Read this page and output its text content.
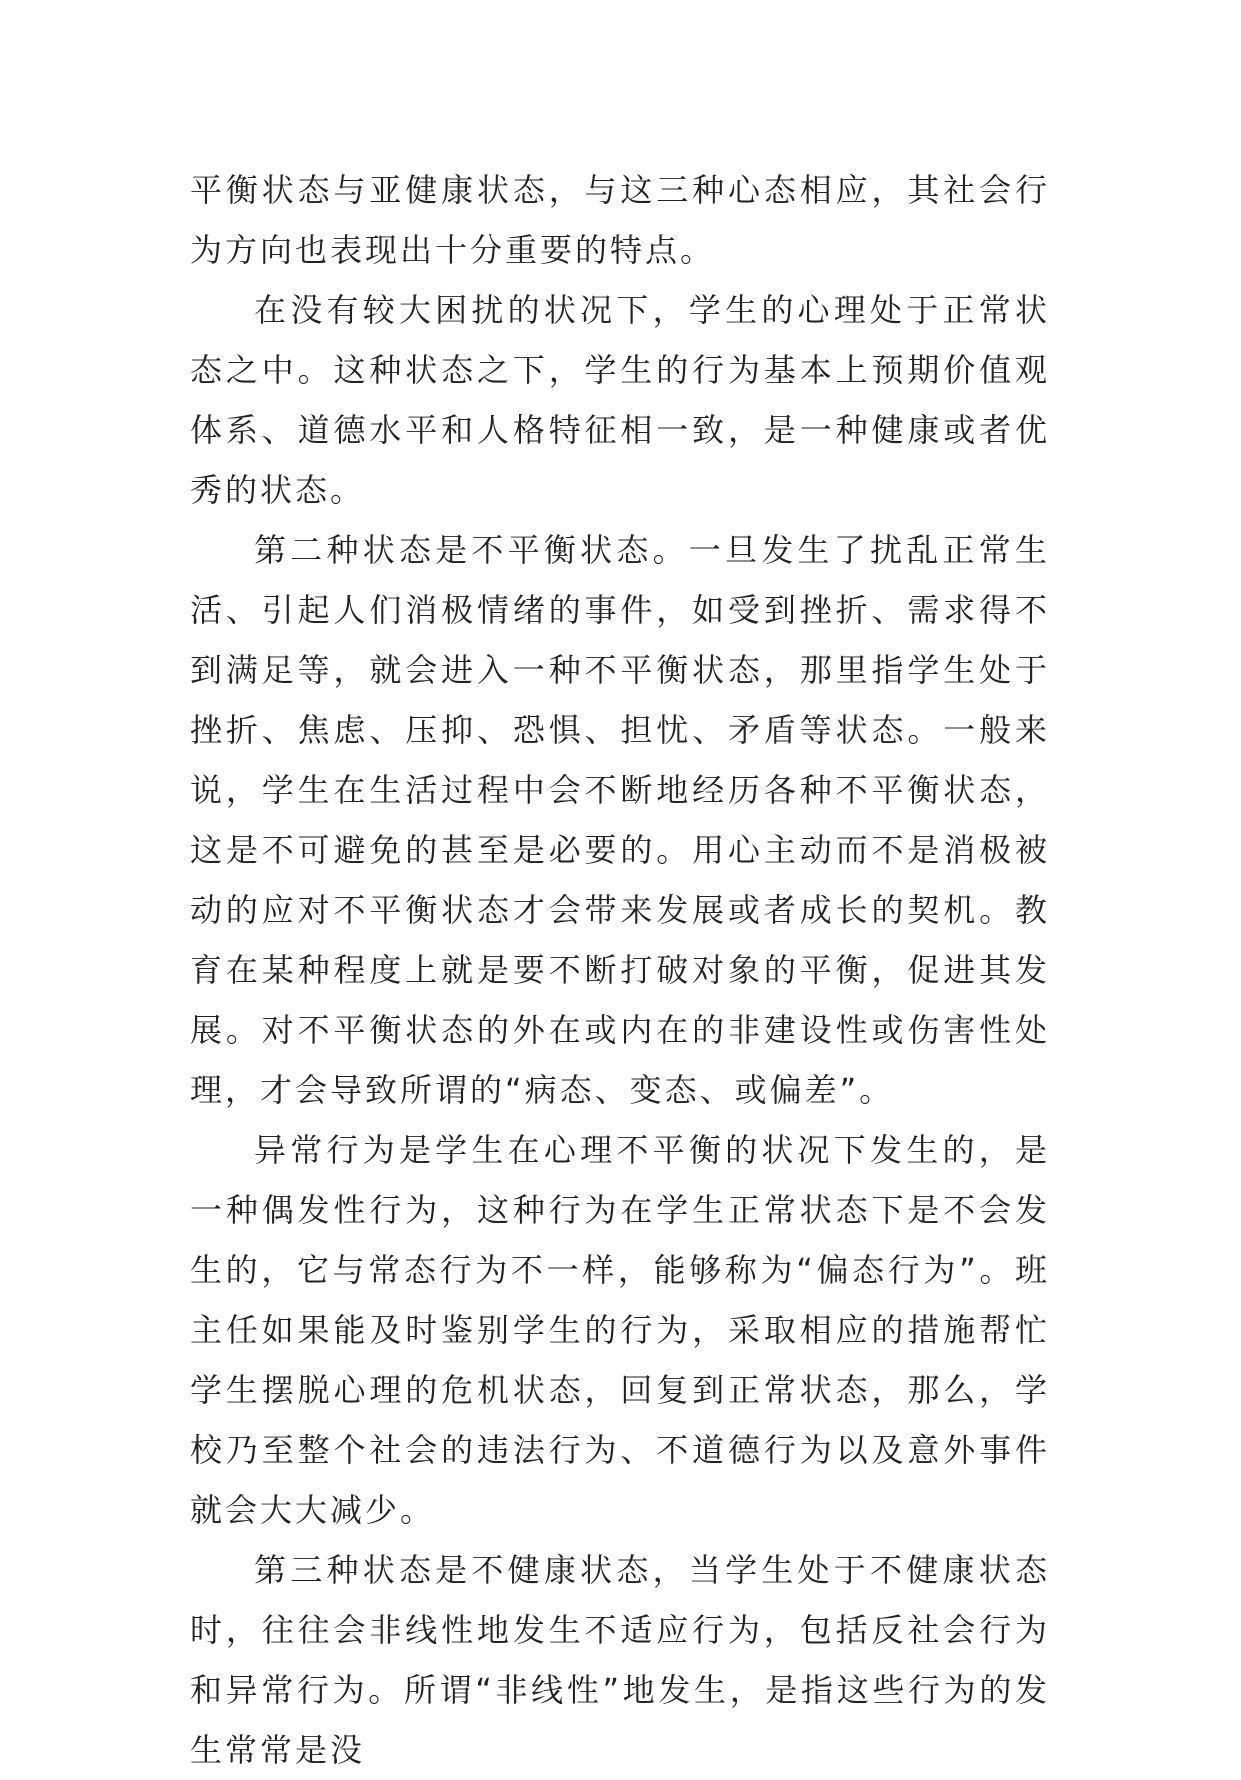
平衡状态与亚健康状态，与这三种心态相应，其社会行为方向也表现出十分重要的特点。

在没有较大困扰的状况下，学生的心理处于正常状态之中。这种状态之下，学生的行为基本上预期价值观体系、道德水平和人格特征相一致，是一种健康或者优秀的状态。

第二种状态是不平衡状态。一旦发生了扰乱正常生活、引起人们消极情绪的事件，如受到挫折、需求得不到满足等，就会进入一种不平衡状态，那里指学生处于挫折、焦虑、压抑、恐惧、担忧、矛盾等状态。一般来说，学生在生活过程中会不断地经历各种不平衡状态，这是不可避免的甚至是必要的。用心主动而不是消极被动的应对不平衡状态才会带来发展或者成长的契机。教育在某种程度上就是要不断打破对象的平衡，促进其发展。对不平衡状态的外在或内在的非建设性或伤害性处理，才会导致所谓的“病态、变态、或偏差”。

异常行为是学生在心理不平衡的状况下发生的，是一种偶发性行为，这种行为在学生正常状态下是不会发生的，它与常态行为不一样，能够称为“偏态行为”。班主任如果能及时鉴别学生的行为，采取相应的措施帮忙学生摆脱心理的危机状态，回复到正常状态，那么，学校乃至整个社会的违法行为、不道德行为以及意外事件就会大大减少。

第三种状态是不健康状态，当学生处于不健康状态时，往往会非线性地发生不适应行为，包括反社会行为和异常行为。所谓“非线性”地发生，是指这些行为的发生常常是没
